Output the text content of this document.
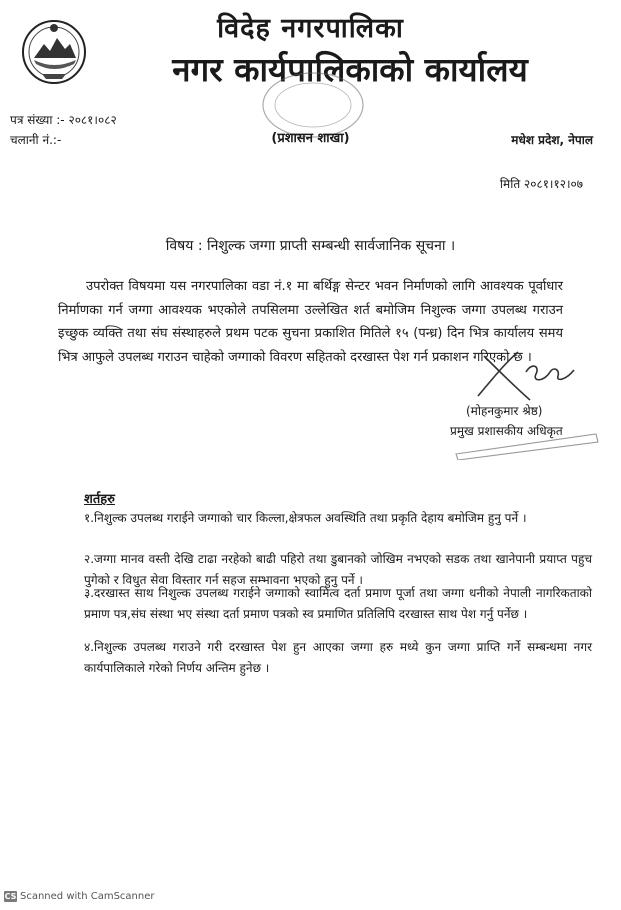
विदेह नगरपालिका
नगर कार्यपालिकाको कार्यालय
पत्र संख्या :- २०८१।०८२
चलानी नं.:-	(प्रशासन शाखा)	मधेश प्रदेश, नेपाल
मिति २०८१।१२।०७
विषय : निशुल्क जग्गा प्राप्ती सम्बन्धी सार्वजानिक सूचना ।

उपरोक्त विषयमा यस नगरपालिका वडा नं.१ मा बर्थिङ्ग सेन्टर भवन निर्माणको लागि आवश्यक पूर्वाधार निर्माणका गर्न जग्गा आवश्यक भएकोले तपसिलमा उल्लेखित शर्त बमोजिम निशुल्क जग्गा उपलब्ध गराउन इच्छुक व्यक्ति तथा संघ संस्थाहरुले प्रथम पटक सुचना प्रकाशित मितिले १५ (पन्ध्र) दिन भित्र कार्यालय समय भित्र आफुले उपलब्ध गराउन चाहेको जग्गाको विवरण सहितको दरखास्त पेश गर्न प्रकाशन गरिएको छ ।

(मोहनकुमार श्रेष्ठ)
प्रमुख प्रशासकीय अधिकृत
शर्तहरु

१.निशुल्क उपलब्ध गराईने जग्गाको चार किल्ला,क्षेत्रफल अवस्थिति तथा प्रकृति देहाय बमोजिम हुनु पर्ने ।

२.जग्गा मानव वस्ती देखि टाढा नरहेको बाढी पहिरो तथा डुबानको जोखिम नभएको सडक तथा खानेपानी प्रयाप्त पहुच पुगेको र विधुत सेवा विस्तार गर्न सहज सम्भावना भएको हुनु पर्ने ।

३.दरखास्त साथ निशुल्क उपलब्ध गराईने जग्गाको स्वामित्व दर्ता प्रमाण पूर्जा तथा जग्गा धनीको नेपाली नागरिकताको प्रमाण पत्र,संघ संस्था भए संस्था दर्ता प्रमाण पत्रको स्व प्रमाणित प्रतिलिपि दरखास्त साथ पेश गर्नु पर्नेछ ।

४.निशुल्क उपलब्ध गराउने गरी दरखास्त पेश हुन आएका जग्गा हरु मध्ये कुन जग्गा प्राप्ति गर्ने सम्बन्धमा नगर कार्यपालिकाले गरेको निर्णय अन्तिम हुनेछ ।

CS Scanned with CamScanner
